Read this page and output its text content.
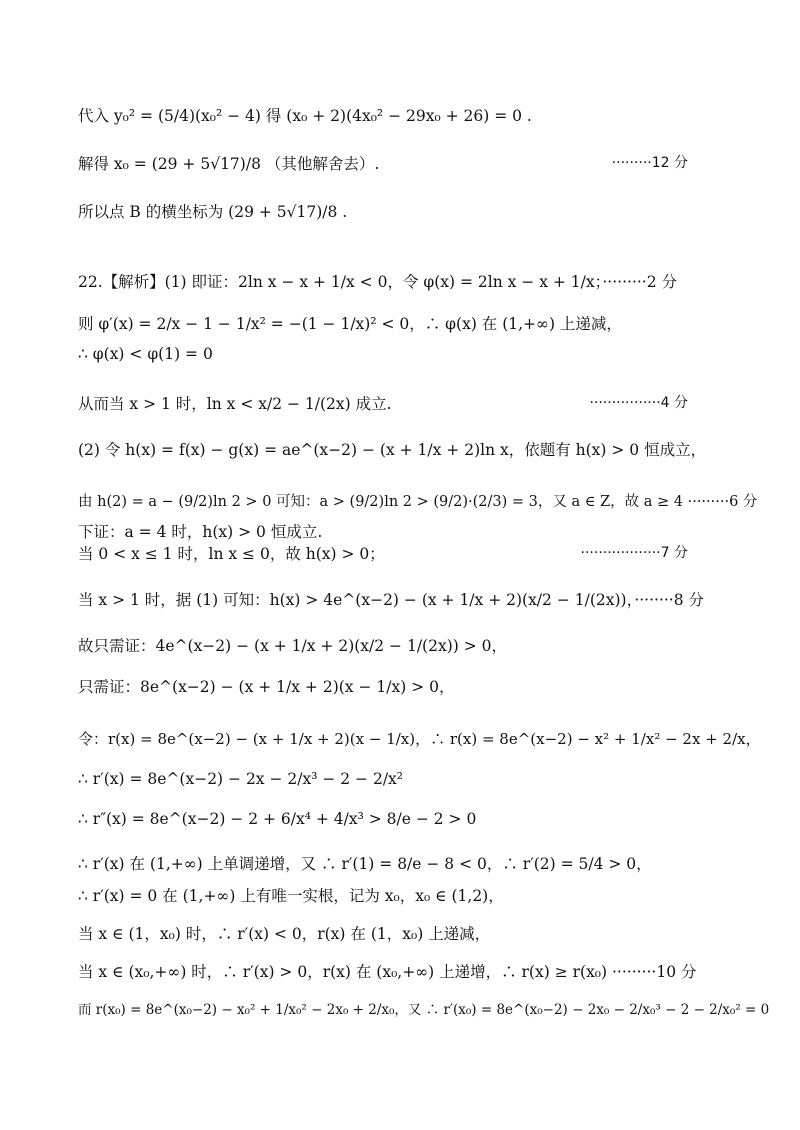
代入 y₀² = (5/4)(x₀² − 4) 得 (x₀ + 2)(4x₀² − 29x₀ + 26) = 0 .
解得 x₀ = (29 + 5√17)/8 （其他解舍去）.	·········12 分
所以点 B 的横坐标为 (29 + 5√17)/8 .
22.【解析】(1) 即证：2ln x − x + 1/x < 0，令 φ(x) = 2ln x − x + 1/x；·········2 分
则 φ′(x) = 2/x − 1 − 1/x² = −(1 − 1/x)² < 0，∴ φ(x) 在 (1,+∞) 上递减，
∴ φ(x) < φ(1) = 0
从而当 x > 1 时，ln x < x/2 − 1/(2x) 成立.	················4 分
(2) 令 h(x) = f(x) − g(x) = ae^(x−2) − (x + 1/x + 2)ln x，依题有 h(x) > 0 恒成立，
由 h(2) = a − (9/2)ln 2 > 0 可知：a > (9/2)ln 2 > (9/2)·(2/3) = 3，又 a ∈ Z，故 a ≥ 4 ·········6 分
下证：a = 4 时，h(x) > 0 恒成立.
当 0 < x ≤ 1 时，ln x ≤ 0，故 h(x) > 0；	··················7 分
当 x > 1 时，据 (1) 可知：h(x) > 4e^(x−2) − (x + 1/x + 2)(x/2 − 1/(2x))，········8 分
故只需证：4e^(x−2) − (x + 1/x + 2)(x/2 − 1/(2x)) > 0，
只需证：8e^(x−2) − (x + 1/x + 2)(x − 1/x) > 0，
令：r(x) = 8e^(x−2) − (x + 1/x + 2)(x − 1/x)，∴ r(x) = 8e^(x−2) − x² + 1/x² − 2x + 2/x，
∴ r′(x) = 8e^(x−2) − 2x − 2/x³ − 2 − 2/x²
∴ r″(x) = 8e^(x−2) − 2 + 6/x⁴ + 4/x³ > 8/e − 2 > 0
∴ r′(x) 在 (1,+∞) 上单调递增，又 ∴ r′(1) = 8/e − 8 < 0，∴ r′(2) = 5/4 > 0，
∴ r′(x) = 0 在 (1,+∞) 上有唯一实根，记为 x₀，x₀ ∈ (1,2)，
当 x ∈ (1，x₀) 时，∴ r′(x) < 0，r(x) 在 (1，x₀) 上递减，
当 x ∈ (x₀,+∞) 时，∴ r′(x) > 0，r(x) 在 (x₀,+∞) 上递增，∴ r(x) ≥ r(x₀) ·········10 分
而 r(x₀) = 8e^(x₀−2) − x₀² + 1/x₀² − 2x₀ + 2/x₀，又 ∴ r′(x₀) = 8e^(x₀−2) − 2x₀ − 2/x₀³ − 2 − 2/x₀² = 0
